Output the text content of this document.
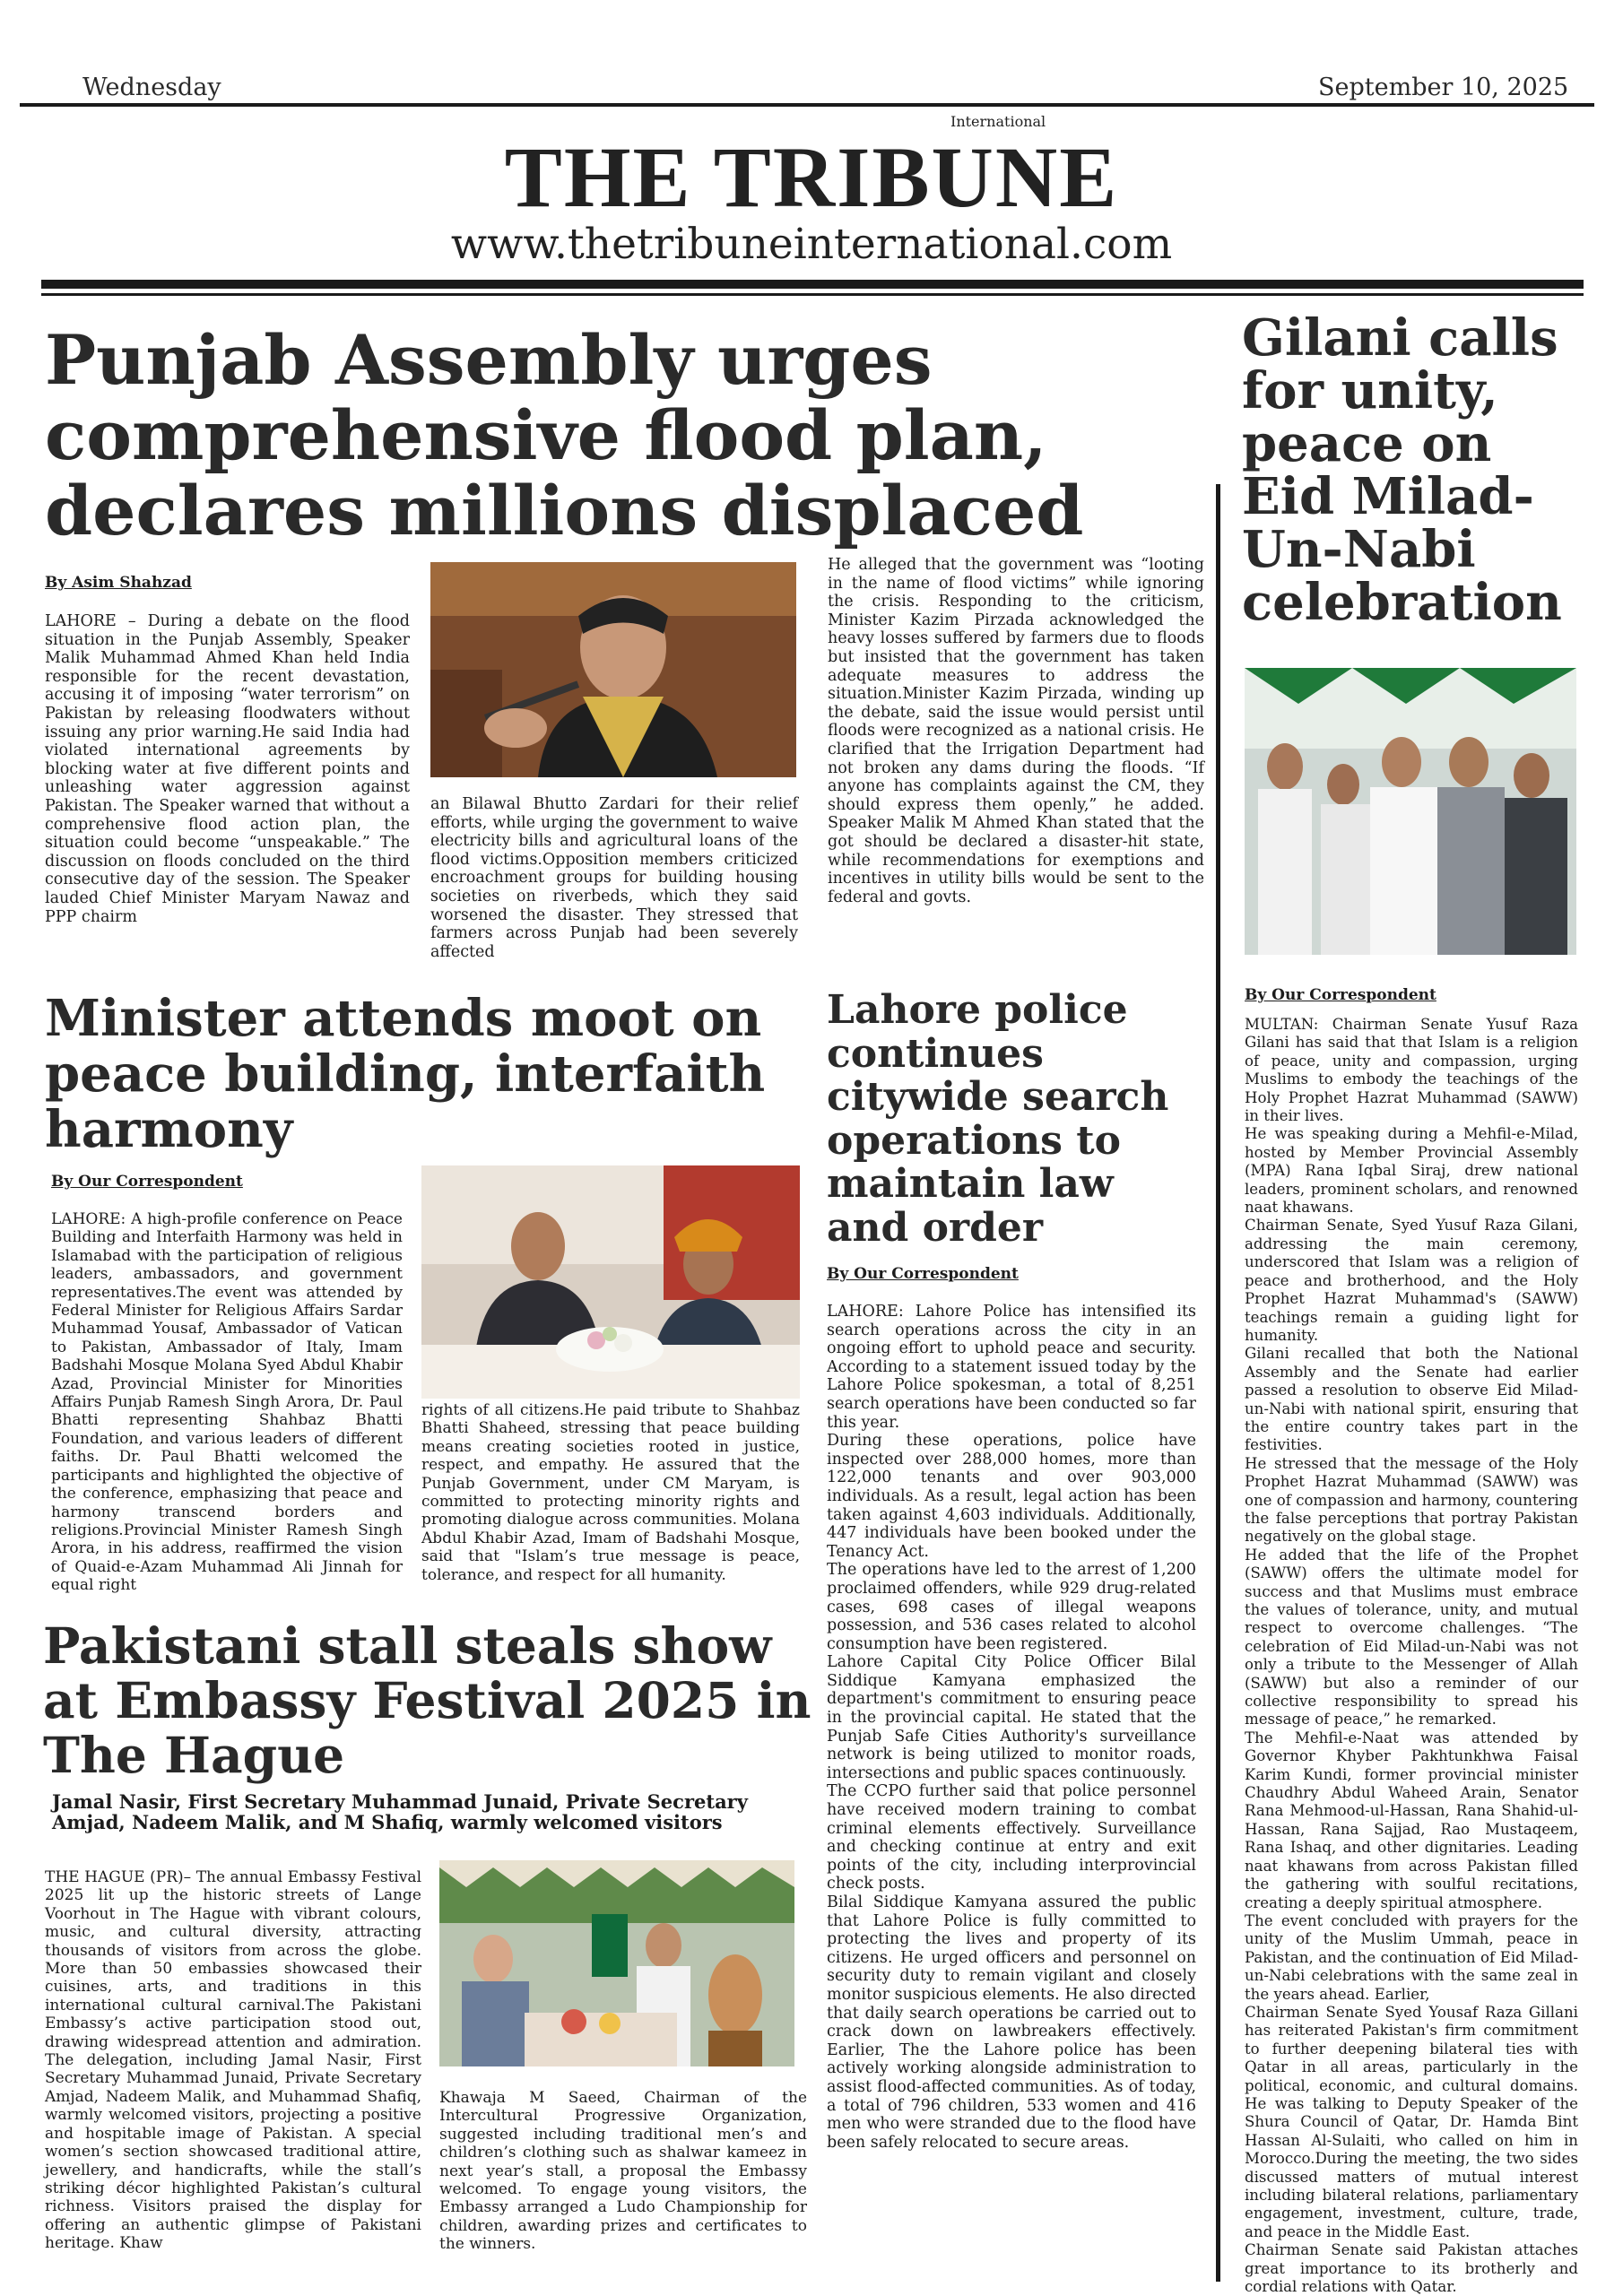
Wednesday	September 10, 2025
International
THE TRIBUNE
www.thetribuneinternational.com
Punjab Assembly urges comprehensive flood plan, declares millions displaced
By Asim Shahzad
LAHORE – During a debate on the flood situation in the Punjab Assembly, Speaker Malik Muhammad Ahmed Khan held India responsible for the recent devastation, accusing it of imposing “water terrorism” on Pakistan by releasing floodwaters without issuing any prior warning.He said India had violated international agreements by blocking water at five different points and unleashing water aggression against Pakistan. The Speaker warned that without a comprehensive flood action plan, the situation could become “unspeakable.” The discussion on floods concluded on the third consecutive day of the session. The Speaker lauded Chief Minister Maryam Nawaz and PPP chairm
an Bilawal Bhutto Zardari for their relief efforts, while urging the government to waive electricity bills and agricultural loans of the flood victims.Opposition members criticized encroachment groups for building housing societies on riverbeds, which they said worsened the disaster. They stressed that farmers across Punjab had been severely affected
He alleged that the government was “looting in the name of flood victims” while ignoring the crisis. Responding to the criticism, Minister Kazim Pirzada acknowledged the heavy losses suffered by farmers due to floods but insisted that the government has taken adequate measures to address the situation.Minister Kazim Pirzada, winding up the debate, said the issue would persist until floods were recognized as a national crisis. He clarified that the Irrigation Department had not broken any dams during the floods. “If anyone has complaints against the CM, they should express them openly,” he added. Speaker Malik M Ahmed Khan stated that the got should be declared a disaster-hit state, while recommendations for exemptions and incentives in utility bills would be sent to the federal and govts.
Gilani calls for unity, peace on Eid Milad-Un-Nabi celebration
By Our Correspondent

MULTAN: Chairman Senate Yusuf Raza Gilani has said that that Islam is a religion of peace, unity and compassion, urging Muslims to embody the teachings of the Holy Prophet Hazrat Muhammad (SAWW) in their lives.

He was speaking during a Mehfil-e-Milad, hosted by Member Provincial Assembly (MPA) Rana Iqbal Siraj, drew national leaders, prominent scholars, and renowned naat khawans.

Chairman Senate, Syed Yusuf Raza Gilani, addressing the main ceremony, underscored that Islam was a religion of peace and brotherhood, and the Holy Prophet Hazrat Muhammad's (SAWW) teachings remain a guiding light for humanity.

Gilani recalled that both the National Assembly and the Senate had earlier passed a resolution to observe Eid Milad-un-Nabi with national spirit, ensuring that the entire country takes part in the festivities.

He stressed that the message of the Holy Prophet Hazrat Muhammad (SAWW) was one of compassion and harmony, countering the false perceptions that portray Pakistan negatively on the global stage.

He added that the life of the Prophet (SAWW) offers the ultimate model for success and that Muslims must embrace the values of tolerance, unity, and mutual respect to overcome challenges. “The celebration of Eid Milad-un-Nabi was not only a tribute to the Messenger of Allah (SAWW) but also a reminder of our collective responsibility to spread his message of peace,” he remarked.

The Mehfil-e-Naat was attended by Governor Khyber Pakhtunkhwa Faisal Karim Kundi, former provincial minister Chaudhry Abdul Waheed Arain, Senator Rana Mehmood-ul-Hassan, Rana Shahid-ul-Hassan, Rana Sajjad, Rao Mustaqeem, Rana Ishaq, and other dignitaries. Leading naat khawans from across Pakistan filled the gathering with soulful recitations, creating a deeply spiritual atmosphere.

The event concluded with prayers for the unity of the Muslim Ummah, peace in Pakistan, and the continuation of Eid Milad-un-Nabi celebrations with the same zeal in the years ahead. Earlier,

Chairman Senate Syed Yousaf Raza Gillani has reiterated Pakistan's firm commitment to further deepening bilateral ties with Qatar in all areas, particularly in the political, economic, and cultural domains. He was talking to Deputy Speaker of the Shura Council of Qatar, Dr. Hamda Bint Hassan Al-Sulaiti, who called on him in Morocco.During the meeting, the two sides discussed matters of mutual interest including bilateral relations, parliamentary engagement, investment, culture, trade, and peace in the Middle East.

Chairman Senate said Pakistan attaches great importance to its brotherly and cordial relations with Qatar.

Minister attends moot on peace building, interfaith harmony
By Our Correspondent
LAHORE: A high-profile conference on Peace Building and Interfaith Harmony was held in Islamabad with the participation of religious leaders, ambassadors, and government representatives.The event was attended by Federal Minister for Religious Affairs Sardar Muhammad Yousaf, Ambassador of Vatican to Pakistan, Ambassador of Italy, Imam Badshahi Mosque Molana Syed Abdul Khabir Azad, Provincial Minister for Minorities Affairs Punjab Ramesh Singh Arora, Dr. Paul Bhatti representing Shahbaz Bhatti Foundation, and various leaders of different faiths. Dr. Paul Bhatti welcomed the participants and highlighted the objective of the conference, emphasizing that peace and harmony transcend borders and religions.Provincial Minister Ramesh Singh Arora, in his address, reaffirmed the vision of Quaid-e-Azam Muhammad Ali Jinnah for equal right
rights of all citizens.He paid tribute to Shahbaz Bhatti Shaheed, stressing that peace building means creating societies rooted in justice, respect, and empathy. He assured that the Punjab Government, under CM Maryam, is committed to protecting minority rights and promoting dialogue across communities. Molana Abdul Khabir Azad, Imam of Badshahi Mosque, said that "Islam’s true message is peace, tolerance, and respect for all humanity.
Lahore police continues citywide search operations to maintain law and order
By Our Correspondent

LAHORE: Lahore Police has intensified its search operations across the city in an ongoing effort to uphold peace and security. According to a statement issued today by the Lahore Police spokesman, a total of 8,251 search operations have been conducted so far this year.

During these operations, police have inspected over 288,000 homes, more than 122,000 tenants and over 903,000 individuals. As a result, legal action has been taken against 4,603 individuals. Additionally, 447 individuals have been booked under the Tenancy Act.

The operations have led to the arrest of 1,200 proclaimed offenders, while 929 drug-related cases, 698 cases of illegal weapons possession, and 536 cases related to alcohol consumption have been registered.

Lahore Capital City Police Officer Bilal Siddique Kamyana emphasized the department's commitment to ensuring peace in the provincial capital. He stated that the Punjab Safe Cities Authority's surveillance network is being utilized to monitor roads, intersections and public spaces continuously.

The CCPO further said that police personnel have received modern training to combat criminal elements effectively. Surveillance and checking continue at entry and exit points of the city, including interprovincial check posts.

Bilal Siddique Kamyana assured the public that Lahore Police is fully committed to protecting the lives and property of its citizens. He urged officers and personnel on security duty to remain vigilant and closely monitor suspicious elements. He also directed that daily search operations be carried out to crack down on lawbreakers effectively. Earlier, The the Lahore police has been actively working alongside administration to assist flood-affected communities. As of today, a total of 796 children, 533 women and 416 men who were stranded due to the flood have been safely relocated to secure areas.

Pakistani stall steals show at Embassy Festival 2025 in The Hague
Jamal Nasir, First Secretary Muhammad Junaid, Private Secretary Amjad, Nadeem Malik, and M Shafiq, warmly welcomed visitors
THE HAGUE (PR)– The annual Embassy Festival 2025 lit up the historic streets of Lange Voorhout in The Hague with vibrant colours, music, and cultural diversity, attracting thousands of visitors from across the globe. More than 50 embassies showcased their cuisines, arts, and traditions in this international cultural carnival.The Pakistani Embassy’s active participation stood out, drawing widespread attention and admiration. The delegation, including Jamal Nasir, First Secretary Muhammad Junaid, Private Secretary Amjad, Nadeem Malik, and Muhammad Shafiq, warmly welcomed visitors, projecting a positive and hospitable image of Pakistan. A special women’s section showcased traditional attire, jewellery, and handicrafts, while the stall’s striking décor highlighted Pakistan’s cultural richness. Visitors praised the display for offering an authentic glimpse of Pakistani heritage. Khaw
Khawaja M Saeed, Chairman of the Intercultural Progressive Organization, suggested including traditional men’s and children’s clothing such as shalwar kameez in next year’s stall, a proposal the Embassy welcomed. To engage young visitors, the Embassy arranged a Ludo Championship for children, awarding prizes and certificates to the winners.
